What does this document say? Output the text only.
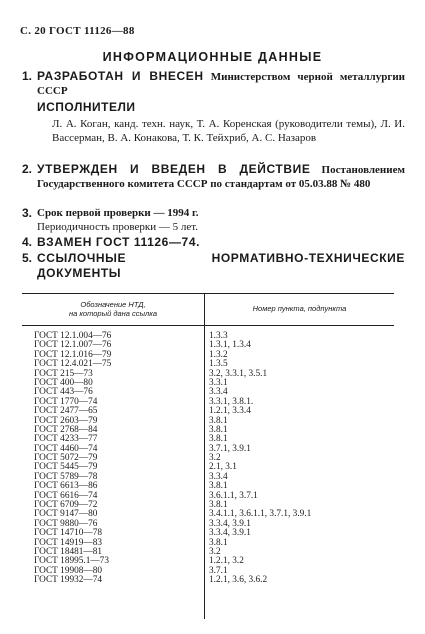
С. 20 ГОСТ 11126—88
ИНФОРМАЦИОННЫЕ ДАННЫЕ
1. РАЗРАБОТАН И ВНЕСЕН Министерством черной металлургии СССР
ИСПОЛНИТЕЛИ
Л. А. Коган, канд. техн. наук, Т. А. Коренская (руководители темы), Л. И. Вассерман, В. А. Конакова, Т. К. Тейхриб, А. С. Назаров
2. УТВЕРЖДЕН И ВВЕДЕН В ДЕЙСТВИЕ Постановлением Государственного комитета СССР по стандартам от 05.03.88 № 480
3. Срок первой проверки — 1994 г.
Периодичность проверки — 5 лет.
4. ВЗАМЕН ГОСТ 11126—74.
5. ССЫЛОЧНЫЕ НОРМАТИВНО-ТЕХНИЧЕСКИЕ ДОКУМЕНТЫ
Обозначение НТД,
на который дана ссылка
Номер пункта, подпункта
ГОСТ 12.1.004—76	1.3.3
ГОСТ 12.1.007—76	1.3.1, 1.3.4
ГОСТ 12.1.016—79	1.3.2
ГОСТ 12.4.021—75	1.3.5
ГОСТ 215—73	3.2, 3.3.1, 3.5.1
ГОСТ 400—80	3.3.1
ГОСТ 443—76	3.3.4
ГОСТ 1770—74	3.3.1, 3.8.1.
ГОСТ 2477—65	1.2.1, 3.3.4
ГОСТ 2603—79	3.8.1
ГОСТ 2768—84	3.8.1
ГОСТ 4233—77	3.8.1
ГОСТ 4460—74	3.7.1, 3.9.1
ГОСТ 5072—79	3.2
ГОСТ 5445—79	2.1, 3.1
ГОСТ 5789—78	3.3.4
ГОСТ 6613—86	3.8.1
ГОСТ 6616—74	3.6.1.1, 3.7.1
ГОСТ 6709—72	3.8.1
ГОСТ 9147—80	3.4.1.1, 3.6.1.1, 3.7.1, 3.9.1
ГОСТ 9880—76	3.3.4, 3.9.1
ГОСТ 14710—78	3.3.4, 3.9.1
ГОСТ 14919—83	3.8.1
ГОСТ 18481—81	3.2
ГОСТ 18995.1—73	1.2.1, 3.2
ГОСТ 19908—80	3.7.1
ГОСТ 19932—74	1.2.1, 3.6, 3.6.2
